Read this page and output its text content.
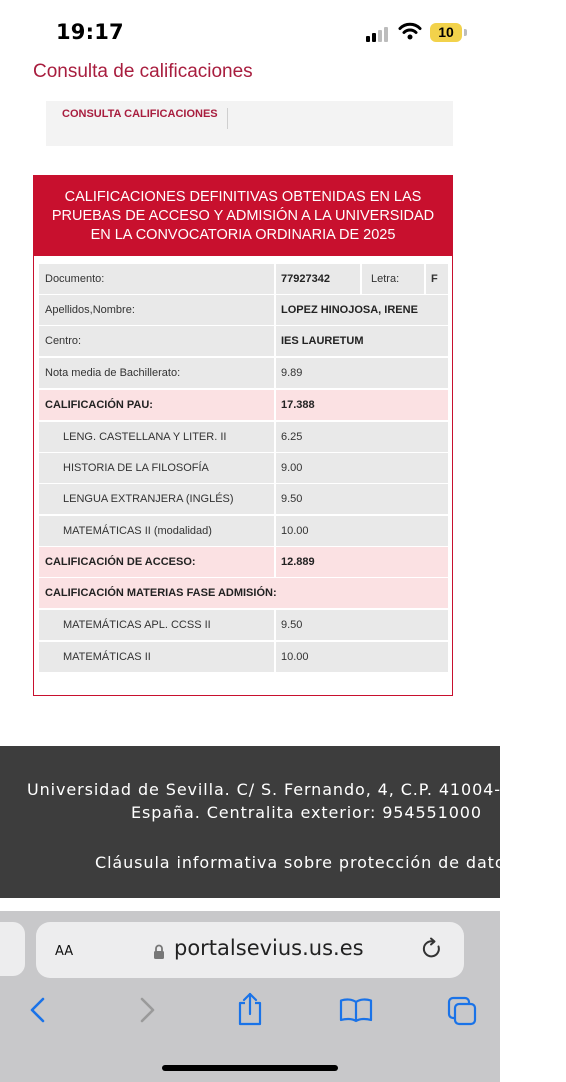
19:17	10
Consulta de calificaciones
CONSULTA CALIFICACIONES
CALIFICACIONES DEFINITIVAS OBTENIDAS EN LAS
PRUEBAS DE ACCESO Y ADMISIÓN A LA UNIVERSIDAD
EN LA CONVOCATORIA ORDINARIA DE 2025
Documento:	77927342	Letra:	F
Apellidos,Nombre:	LOPEZ HINOJOSA, IRENE
Centro:	IES LAURETUM
Nota media de Bachillerato:	9.89
CALIFICACIÓN PAU:	17.388
LENG. CASTELLANA Y LITER. II	6.25
HISTORIA DE LA FILOSOFÍA	9.00
LENGUA EXTRANJERA (INGLÉS)	9.50
MATEMÁTICAS II (modalidad)	10.00
CALIFICACIÓN DE ACCESO:	12.889
CALIFICACIÓN MATERIAS FASE ADMISIÓN:
MATEMÁTICAS APL. CCSS II	9.50
MATEMÁTICAS II	10.00
Universidad de Sevilla. C/ S. Fernando, 4, C.P. 41004-Sevilla.
España. Centralita exterior: 954551000
Cláusula informativa sobre protección de datos
AA	portalsevius.us.es
